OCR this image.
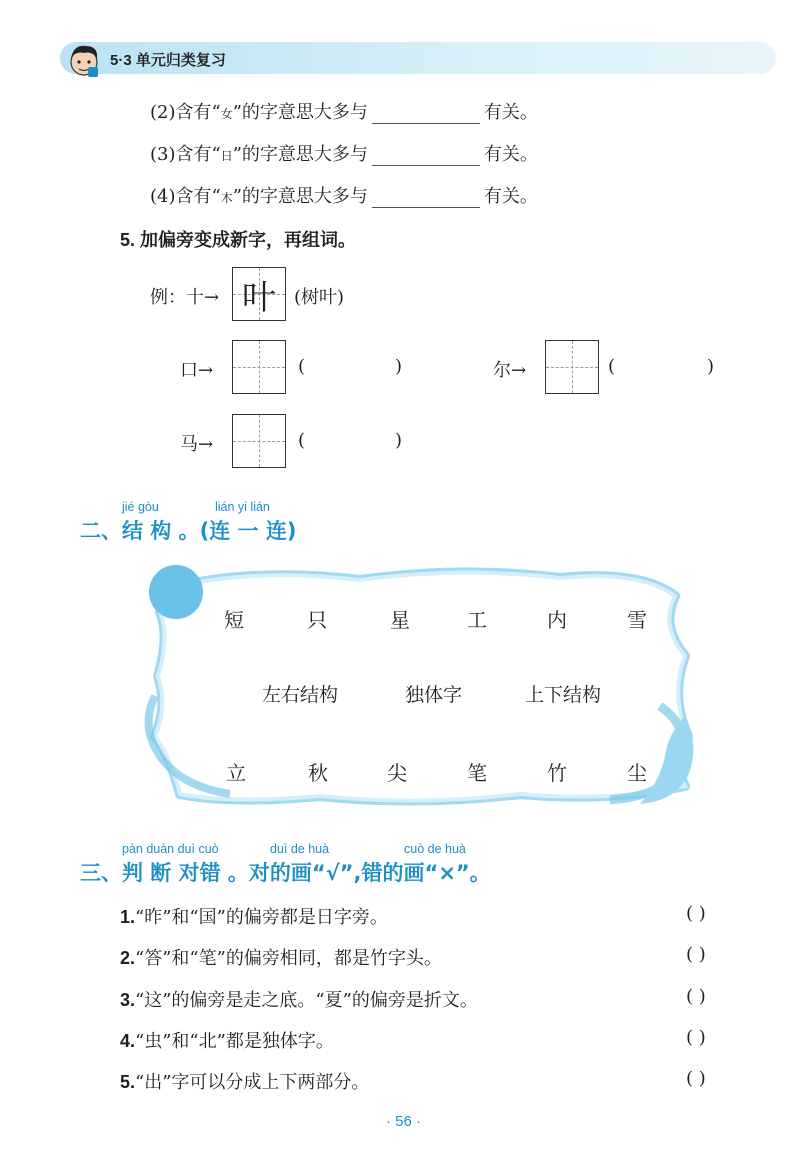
5·3 单元归类复习
(2)含有“女”的字意思大多与	有关。
(3)含有“日”的字意思大多与	有关。
(4)含有“木”的字意思大多与	有关。
5. 加偏旁变成新字，再组词。
例：十→ 叶	(树叶)
口→	(	)	尔→	(	)
马→	(	)
jié gòu	lián yi lián
二、结 构 。(连 一 连)
短	只	星	工	内	雪
左右结构	独体字	上下结构
立	秋	尖	笔	竹	尘
pàn duàn duì cuò	duì de huà	cuò de huà
三、判 断 对错 。对的画“√”,错的画“×”。
1.“昨”和“国”的偏旁都是日字旁。	( )
2.“答”和“笔”的偏旁相同，都是竹字头。	( )
3.“这”的偏旁是走之底。“夏”的偏旁是折文。	( )
4.“虫”和“北”都是独体字。	( )
5.“出”字可以分成上下两部分。	( )
· 56 ·
